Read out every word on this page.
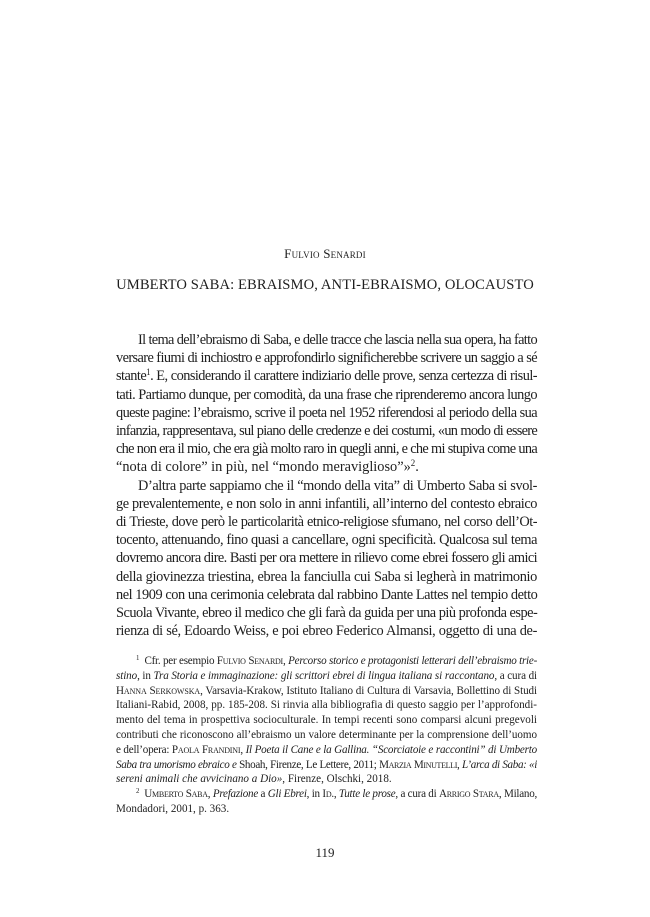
Fulvio Senardi
UMBERTO SABA: EBRAISMO, ANTI-EBRAISMO, OLOCAUSTO
Il tema dell’ebraismo di Saba, e delle tracce che lascia nella sua opera, ha fatto
versare fiumi di inchiostro e approfondirlo significherebbe scrivere un saggio a sé
stante$^1$. E, considerando il carattere indiziario delle prove, senza certezza di risul-
tati. Partiamo dunque, per comodità, da una frase che riprenderemo ancora lungo
queste pagine: l’ebraismo, scrive il poeta nel 1952 riferendosi al periodo della sua
infanzia, rappresentava, sul piano delle credenze e dei costumi, «un modo di essere
che non era il mio, che era già molto raro in quegli anni, e che mi stupiva come una
“nota di colore” in più, nel “mondo meraviglioso”»$^2$.
D’altra parte sappiamo che il “mondo della vita” di Umberto Saba si svol-
ge prevalentemente, e non solo in anni infantili, all’interno del contesto ebraico
di Trieste, dove però le particolarità etnico-religiose sfumano, nel corso dell’Ot-
tocento, attenuando, fino quasi a cancellare, ogni specificità. Qualcosa sul tema
dovremo ancora dire. Basti per ora mettere in rilievo come ebrei fossero gli amici
della giovinezza triestina, ebrea la fanciulla cui Saba si legherà in matrimonio
nel 1909 con una cerimonia celebrata dal rabbino Dante Lattes nel tempio detto
Scuola Vivante, ebreo il medico che gli farà da guida per una più profonda espe-
rienza di sé, Edoardo Weiss, e poi ebreo Federico Almansi, oggetto di una de-
$^1$ Cfr. per esempio Fulvio Senardi, Percorso storico e protagonisti letterari dell’ebraismo trie-
stino, in Tra Storia e immaginazione: gli scrittori ebrei di lingua italiana si raccontano, a cura di
Hanna Serkowska, Varsavia-Krakow, Istituto Italiano di Cultura di Varsavia, Bollettino di Studi
Italiani-Rabid, 2008, pp. 185-208. Si rinvia alla bibliografia di questo saggio per l’approfondi-
mento del tema in prospettiva socioculturale. In tempi recenti sono comparsi alcuni pregevoli
contributi che riconoscono all’ebraismo un valore determinante per la comprensione dell’uomo
e dell’opera: Paola Frandini, Il Poeta il Cane e la Gallina. “Scorciatoie e raccontini” di Umberto
Saba tra umorismo ebraico e Shoah, Firenze, Le Lettere, 2011; Marzia Minutelli, L’arca di Saba: «i
sereni animali che avvicinano a Dio», Firenze, Olschki, 2018.
$^2$ Umberto Saba, Prefazione a Gli Ebrei, in Id., Tutte le prose, a cura di Arrigo Stara, Milano,
Mondadori, 2001, p. 363.
119
